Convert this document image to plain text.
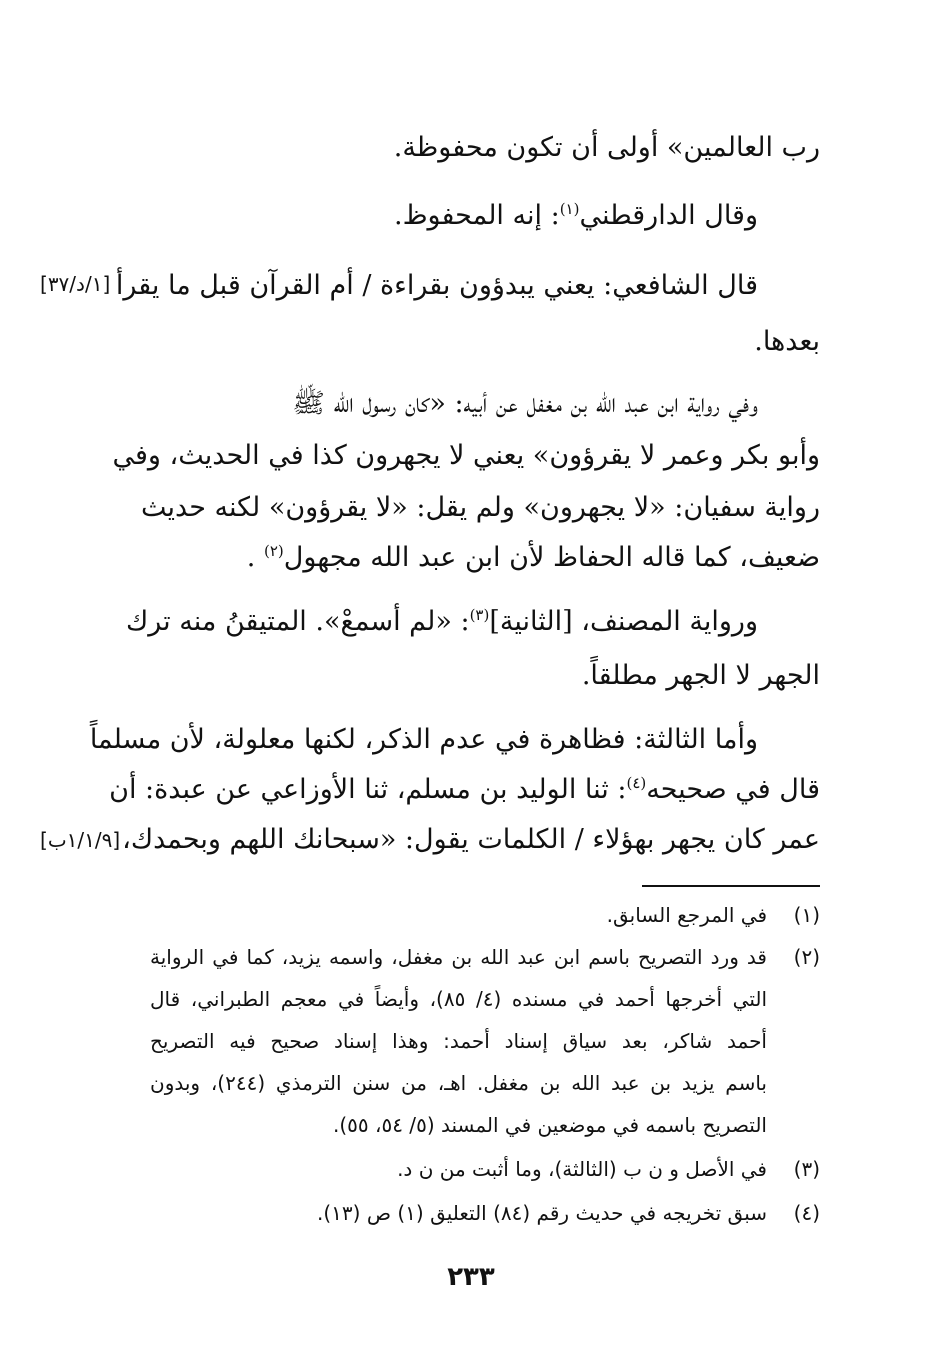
رب العالمين» أولى أن تكون محفوظة.
وقال الدارقطني$^{(١)}$: إنه المحفوظ.
قال الشافعي: يعني يبدؤون بقراءة / أم القرآن قبل ما يقرأ
[١/د/٣٧]
بعدها.
وفي رواية ابن عبد الله بن مغفل عن أبيه: «كان رسول الله ﷺ
وأبو بكر وعمر لا يقرؤون» يعني لا يجهرون كذا في الحديث، وفي
رواية سفيان: «لا يجهرون» ولم يقل: «لا يقرؤون» لكنه حديث
ضعيف، كما قاله الحفاظ لأن ابن عبد الله مجهول$^{(٢)}$ .
ورواية المصنف، [الثانية]$^{(٣)}$: «لم أسمعْ». المتيقنُ منه ترك
الجهر لا الجهر مطلقاً.
وأما الثالثة: فظاهرة في عدم الذكر، لكنها معلولة، لأن مسلماً
قال في صحيحه$^{(٤)}$: ثنا الوليد بن مسلم، ثنا الأوزاعي عن عبدة: أن
عمر كان يجهر بهؤلاء / الكلمات يقول: «سبحانك اللهم وبحمدك،
[١/١/٩ب]
(١)
في المرجع السابق.
(٢)
قد ورد التصريح باسم ابن عبد الله بن مغفل، واسمه يزيد، كما في الرواية
التي أخرجها أحمد في مسنده (٤/ ٨٥)، وأيضاً في معجم الطبراني، قال
أحمد شاكر، بعد سياق إسناد أحمد: وهذا إسناد صحيح فيه التصريح
باسم يزيد بن عبد الله بن مغفل. اهـ، من سنن الترمذي (٢٤٤)، وبدون
التصريح باسمه في موضعين في المسند (٥/ ٥٤، ٥٥).
(٣)
في الأصل و ن ب (الثالثة)، وما أثبت من ن د.
(٤)
سبق تخريجه في حديث رقم (٨٤) التعليق (١) ص (١٣).
٢٣٣
